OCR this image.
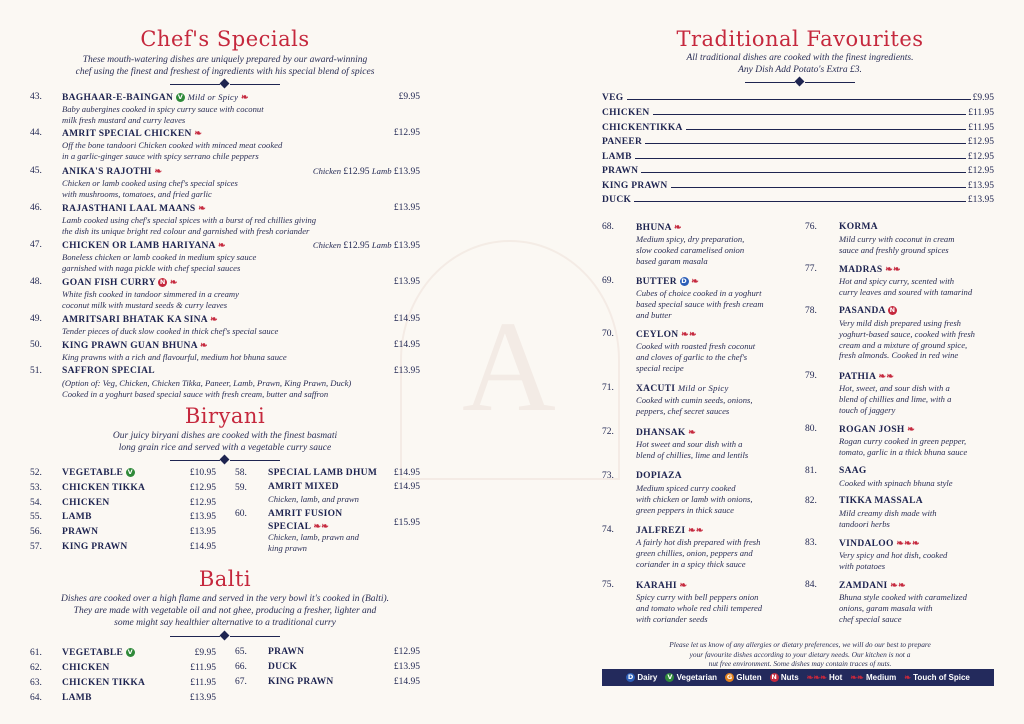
A
Chef's Specials
These mouth-watering dishes are uniquely prepared by our award-winning
chef using the finest and freshest of ingredients with his special blend of spices
43. BAGHAAR-E-BAINGAN V Mild or Spicy ❧	£9.95
Baby aubergines cooked in spicy curry sauce with coconut
milk fresh mustard and curry leaves
44. AMRIT SPECIAL CHICKEN ❧	£12.95
Off the bone tandoori Chicken cooked with minced meat cooked
in a garlic-ginger sauce with spicy serrano chile peppers
45. ANIKA'S RAJOTHI ❧	Chicken £12.95 Lamb £13.95
Chicken or lamb cooked using chef's special spices
with mushrooms, tomatoes, and fried garlic
46. RAJASTHANI LAAL MAANS ❧	£13.95
Lamb cooked using chef's special spices with a burst of red chillies giving
the dish its unique bright red colour and garnished with fresh coriander
47. CHICKEN OR LAMB HARIYANA ❧	Chicken £12.95 Lamb £13.95
Boneless chicken or lamb cooked in medium spicy sauce
garnished with naga pickle with chef special sauces
48. GOAN FISH CURRY N ❧	£13.95
White fish cooked in tandoor simmered in a creamy
coconut milk with mustard seeds & curry leaves
49. AMRITSARI BHATAK KA SINA ❧	£14.95
Tender pieces of duck slow cooked in thick chef's special sauce
50. KING PRAWN GUAN BHUNA ❧	£14.95
King prawns with a rich and flavourful, medium hot bhuna sauce
51. SAFFRON SPECIAL	£13.95
(Option of: Veg, Chicken, Chicken Tikka, Paneer, Lamb, Prawn, King Prawn, Duck)
Cooked in a yoghurt based special sauce with fresh cream, butter and saffron
Biryani
Our juicy biryani dishes are cooked with the finest basmati
long grain rice and served with a vegetable curry sauce
52. VEGETABLE V	£10.95
53. CHICKEN TIKKA	£12.95
54. CHICKEN	£12.95
55. LAMB	£13.95
56. PRAWN	£13.95
57. KING PRAWN	£14.95
58. SPECIAL LAMB DHUM	£14.95
59. AMRIT MIXED	£14.95
Chicken, lamb, and prawn
60. AMRIT FUSION
SPECIAL ❧❧	£15.95
Chicken, lamb, prawn and
king prawn
Balti
Dishes are cooked over a high flame and served in the very bowl it's cooked in (Balti).
They are made with vegetable oil and not ghee, producing a fresher, lighter and
some might say healthier alternative to a traditional curry
61. VEGETABLE V	£9.95
62. CHICKEN	£11.95
63. CHICKEN TIKKA	£11.95
64. LAMB	£13.95
65. PRAWN	£12.95
66. DUCK	£13.95
67. KING PRAWN	£14.95
Traditional Favourites
All traditional dishes are cooked with the finest ingredients.
Any Dish Add Potato's Extra £3.
VEG	£9.95
CHICKEN	£11.95
CHICKENTIKKA	£11.95
PANEER	£12.95
LAMB	£12.95
PRAWN	£12.95
KING PRAWN	£13.95
DUCK	£13.95
68. BHUNA ❧
Medium spicy, dry preparation,
slow cooked caramelised onion
based garam masala
69. BUTTER D ❧
Cubes of choice cooked in a yoghurt
based special sauce with fresh cream
and butter
70. CEYLON ❧❧
Cooked with roasted fresh coconut
and cloves of garlic to the chef's
special recipe
71. XACUTI Mild or Spicy
Cooked with cumin seeds, onions,
peppers, chef secret sauces
72. DHANSAK ❧
Hot sweet and sour dish with a
blend of chillies, lime and lentils
73. DOPIAZA
Medium spiced curry cooked
with chicken or lamb with onions,
green peppers in thick sauce
74. JALFREZI ❧❧
A fairly hot dish prepared with fresh
green chillies, onion, peppers and
coriander in a spicy thick sauce
75. KARAHI ❧
Spicy curry with bell peppers onion
and tomato whole red chili tempered
with coriander seeds
76. KORMA
Mild curry with coconut in cream
sauce and freshly ground spices
77. MADRAS ❧❧
Hot and spicy curry, scented with
curry leaves and soured with tamarind
78. PASANDA N
Very mild dish prepared using fresh
yoghurt-based sauce, cooked with fresh
cream and a mixture of ground spice,
fresh almonds. Cooked in red wine
79. PATHIA ❧❧
Hot, sweet, and sour dish with a
blend of chillies and lime, with a
touch of jaggery
80. ROGAN JOSH ❧
Rogan curry cooked in green pepper,
tomato, garlic in a thick bhuna sauce
81. SAAG
Cooked with spinach bhuna style
82. TIKKA MASSALA
Mild creamy dish made with
tandoori herbs
83. VINDALOO ❧❧❧
Very spicy and hot dish, cooked
with potatoes
84. ZAMDANI ❧❧
Bhuna style cooked with caramelized
onions, garam masala with
chef special sauce
Please let us know of any allergies or dietary preferences, we will do our best to prepare
your favourite dishes according to your dietary needs. Our kitchen is not a
nut free environment. Some dishes may contain traces of nuts.
D Dairy	V Vegetarian G Gluten N Nuts ❧❧❧ Hot ❧❧ Medium ❧ Touch of Spice
